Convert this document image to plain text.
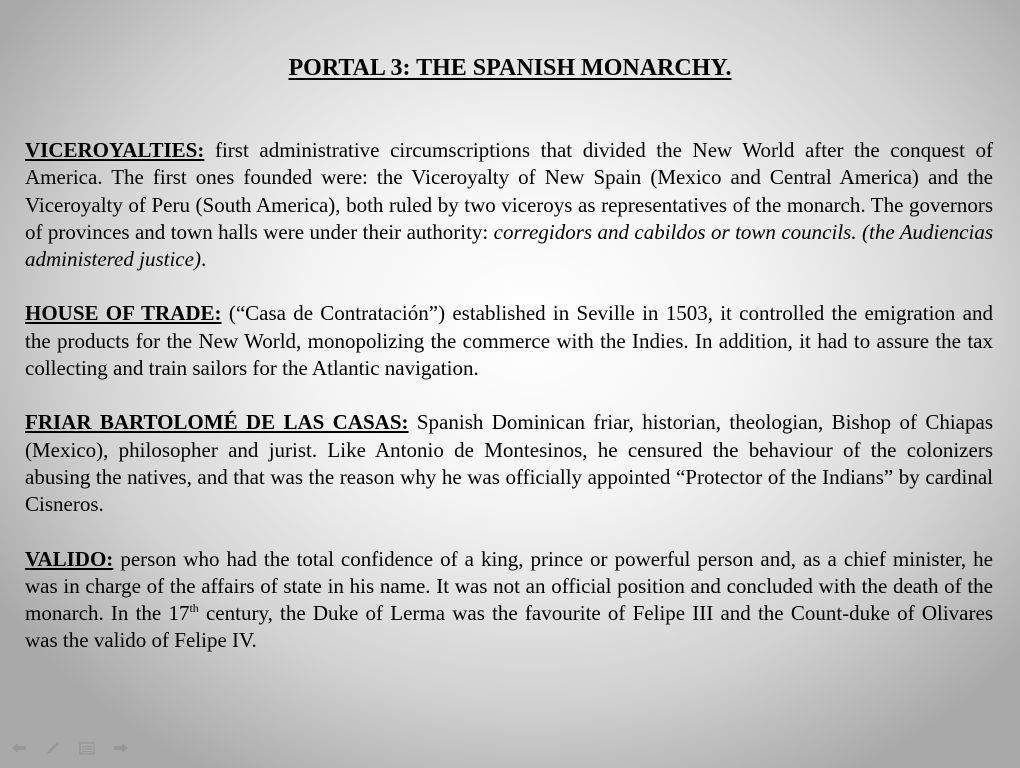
PORTAL 3: THE SPANISH MONARCHY.

VICEROYALTIES: first administrative circumscriptions that divided the New World after the conquest of America. The first ones founded were: the Viceroyalty of New Spain (Mexico and Central America) and the Viceroyalty of Peru (South America), both ruled by two viceroys as representatives of the monarch. The governors of provinces and town halls were under their authority: corregidors and cabildos or town councils. (the Audiencias administered justice).

HOUSE OF TRADE: (“Casa de Contratación”) established in Seville in 1503, it controlled the emigration and the products for the New World, monopolizing the commerce with the Indies. In addition, it had to assure the tax collecting and train sailors for the Atlantic navigation.

FRIAR BARTOLOMÉ DE LAS CASAS: Spanish Dominican friar, historian, theologian, Bishop of Chiapas (Mexico), philosopher and jurist. Like Antonio de Montesinos, he censured the behaviour of the colonizers abusing the natives, and that was the reason why he was officially appointed “Protector of the Indians” by cardinal Cisneros.

VALIDO: person who had the total confidence of a king, prince or powerful person and, as a chief minister, he was in charge of the affairs of state in his name. It was not an official position and concluded with the death of the monarch. In the 17th century, the Duke of Lerma was the favourite of Felipe III and the Count-duke of Olivares was the valido of Felipe IV.
